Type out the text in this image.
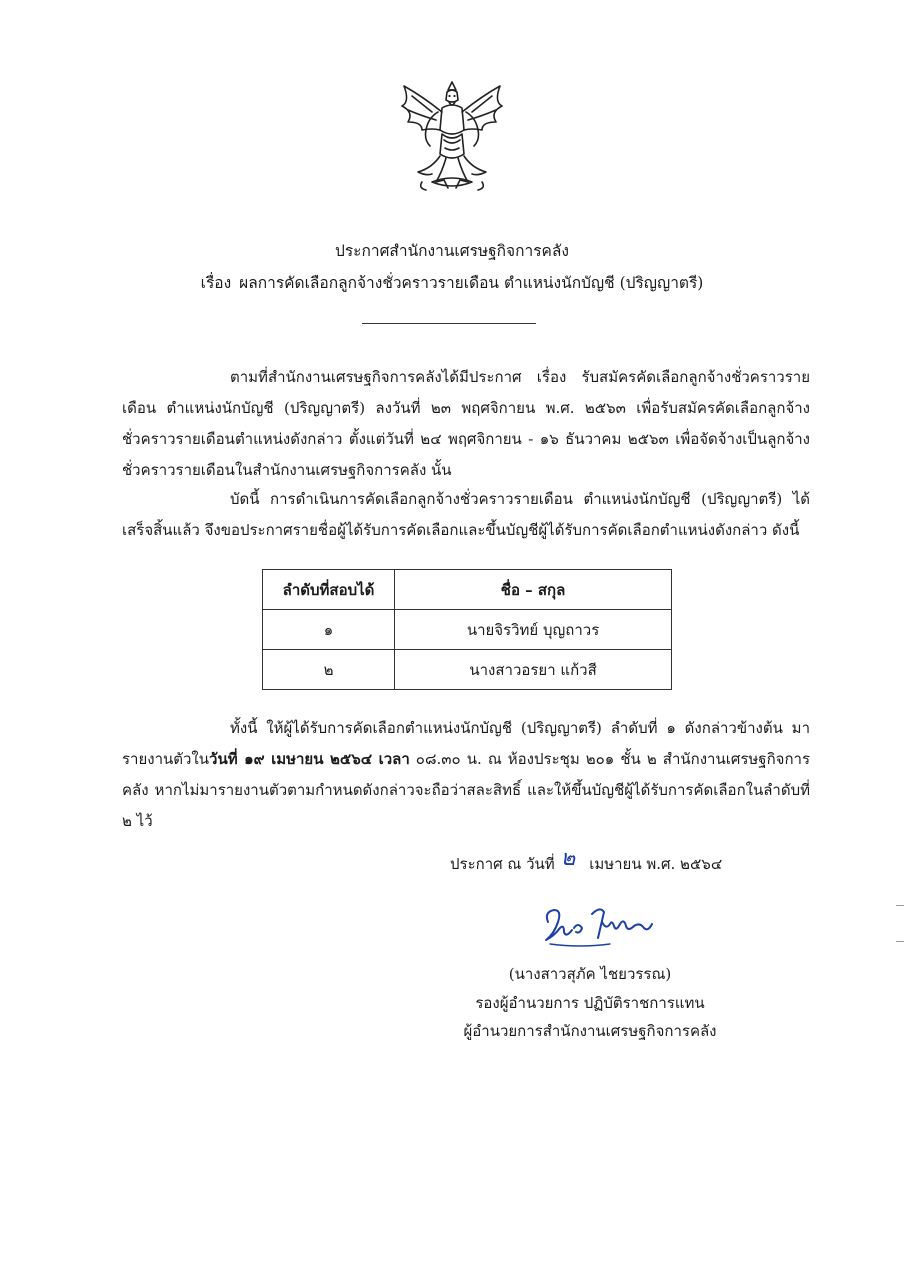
ประกาศสำนักงานเศรษฐกิจการคลัง
เรื่อง ผลการคัดเลือกลูกจ้างชั่วคราวรายเดือน ตำแหน่งนักบัญชี (ปริญญาตรี)
ตามที่สำนักงานเศรษฐกิจการคลังได้มีประกาศ เรื่อง รับสมัครคัดเลือกลูกจ้างชั่วคราวรายเดือน ตำแหน่งนักบัญชี (ปริญญาตรี) ลงวันที่ ๒๓ พฤศจิกายน พ.ศ. ๒๕๖๓ เพื่อรับสมัครคัดเลือกลูกจ้างชั่วคราวรายเดือนตำแหน่งดังกล่าว ตั้งแต่วันที่ ๒๔ พฤศจิกายน - ๑๖ ธันวาคม ๒๕๖๓ เพื่อจัดจ้างเป็นลูกจ้างชั่วคราวรายเดือนในสำนักงานเศรษฐกิจการคลัง นั้น
บัดนี้ การดำเนินการคัดเลือกลูกจ้างชั่วคราวรายเดือน ตำแหน่งนักบัญชี (ปริญญาตรี) ได้เสร็จสิ้นแล้ว จึงขอประกาศรายชื่อผู้ได้รับการคัดเลือกและขึ้นบัญชีผู้ได้รับการคัดเลือกตำแหน่งดังกล่าว ดังนี้
ลำดับที่สอบได้	ชื่อ – สกุล
๑	นายจิรวิทย์ บุญถาวร
๒	นางสาวอรยา แก้วสี
ทั้งนี้ ให้ผู้ได้รับการคัดเลือกตำแหน่งนักบัญชี (ปริญญาตรี) ลำดับที่ ๑ ดังกล่าวข้างต้น มารายงานตัวในวันที่ ๑๙ เมษายน ๒๕๖๔ เวลา ๐๘.๓๐ น. ณ ห้องประชุม ๒๐๑ ชั้น ๒ สำนักงานเศรษฐกิจการคลัง หากไม่มารายงานตัวตามกำหนดดังกล่าวจะถือว่าสละสิทธิ์ และให้ขึ้นบัญชีผู้ได้รับการคัดเลือกในลำดับที่ ๒ ไว้
ประกาศ ณ วันที่ ๒ เมษายน พ.ศ. ๒๕๖๔
(นางสาวสุภัค ไชยวรรณ)
รองผู้อำนวยการ ปฏิบัติราชการแทน
ผู้อำนวยการสำนักงานเศรษฐกิจการคลัง
